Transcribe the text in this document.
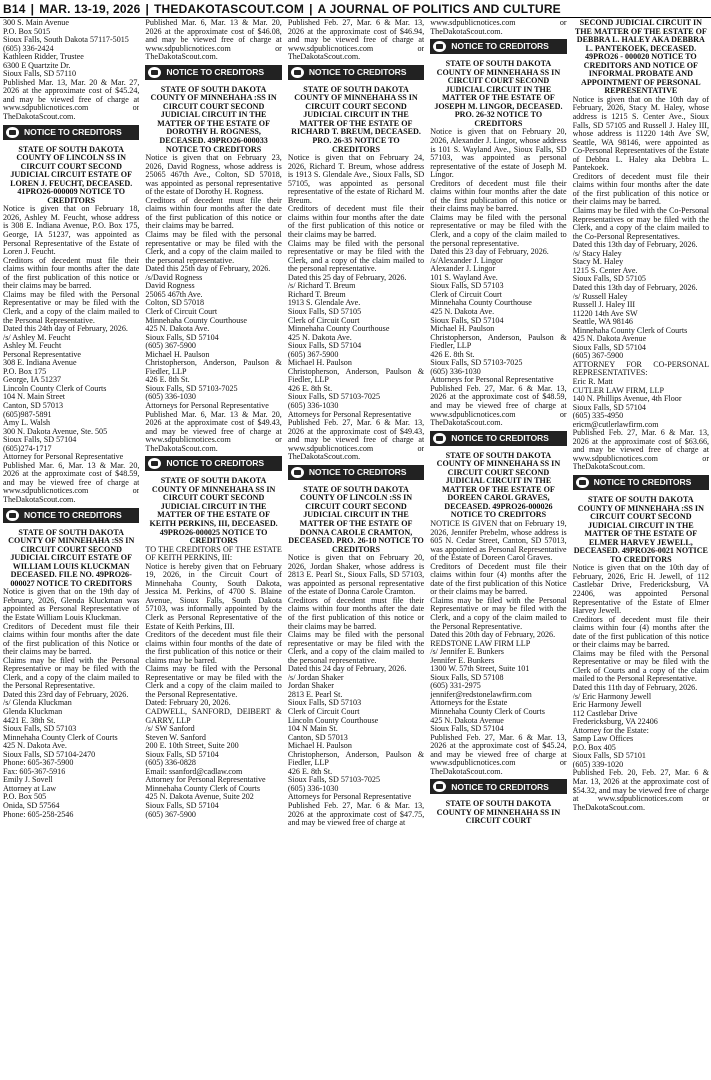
B14 | MAR. 13-19, 2026 | THEDAKOTASCOUT.COM | A JOURNAL OF POLITICS AND CULTURE

300 S. Main Avenue

P.O. Box 5015

Sioux Falls, South Dakota 57117-5015

(605) 336-2424

Kathleen Ridder, Trustee

6300 E Quartzite Dr.

Sioux Falls, SD 57110

Published Mar. 13, Mar. 20 & Mar. 27, 2026 at the approximate cost of $45.24, and may be viewed free of charge at www.sdpublicnotices.com or TheDakotaScout.com.

NOTICE TO CREDITORS

STATE OF SOUTH DAKOTA COUNTY OF LINCOLN SS IN CIRCUIT COURT SECOND JUDICIAL CIRCUIT ESTATE OF LOREN J. FEUCHT, DECEASED. 41PRO26-000009 NOTICE TO CREDITORS

Notice is given that on February 18, 2026, Ashley M. Feucht, whose address is 308 E. Indiana Avenue, P.O. Box 175, George, IA 51237, was appointed as Personal Representative of the Estate of Loren J. Feucht.

Creditors of decedent must file their claims within four months after the date of the first publication of this notice or their claims may be barred.

Claims may be filed with the Personal Representative or may be filed with the Clerk, and a copy of the claim mailed to the Personal Representative.

Dated this 24th day of February, 2026.

/s/ Ashley M. Feucht

Ashley M. Feucht

Personal Representative

308 E. Indiana Avenue

P.O. Box 175

George, IA 51237

Lincoln County Clerk of Courts

104 N. Main Street

Canton, SD 57013

(605)987-5891

Amy L. Walsh

300 N. Dakota Avenue, Ste. 505

Sioux Falls, SD 57104

(605)274-1717

Attorney for Personal Representative

Published Mar. 6, Mar. 13 & Mar. 20, 2026 at the approximate cost of $48.59, and may be viewed free of charge at www.sdpublicnotices.com or TheDakotaScout.com.

NOTICE TO CREDITORS

STATE OF SOUTH DAKOTA COUNTY OF MINNEHAHA :SS IN CIRCUIT COURT SECOND JUDICIAL CIRCUIT ESTATE OF WILLIAM LOUIS KLUCKMAN DECEASED. FILE NO. 49PRO26-000027 NOTICE TO CREDITORS

Notice is given that on the 19th day of February, 2026, Glenda Kluckman was appointed as Personal Representative of the Estate William Louis Kluckman.

Creditors of Decedent must file their claims within four months after the date of the first publication of this Notice or their claims may be barred.

Claims may be filed with the Personal Representative or may be filed with the Clerk, and a copy of the claim mailed to the Personal Representative.

Dated this 23rd day of February, 2026.

/s/ Glenda Kluckman

Glenda Kluckman

4421 E. 38th St.

Sioux Falls, SD 57103

Minnehaha County Clerk of Courts

425 N. Dakota Ave.

Sioux Falls, SD 57104-2470

Phone: 605-367-5900

Fax: 605-367-5916

Emily J. Sovell

Attorney at Law

P.O. Box 505

Onida, SD 57564

Phone: 605-258-2546

Published Mar. 6, Mar. 13 & Mar. 20, 2026 at the approximate cost of $46.08, and may be viewed free of charge at www.sdpublicnotices.com or TheDakotaScout.com.

NOTICE TO CREDITORS

STATE OF SOUTH DAKOTA COUNTY OF MINNEHAHA :SS IN CIRCUIT COURT SECOND JUDICIAL CIRCUIT IN THE MATTER OF THE ESTATE OF DOROTHY H. ROGNESS, DECEASED. 49PRO26-000033 NOTICE TO CREDITORS

Notice is given that on February 23, 2026, David Rogness, whose address is 25065 467th Ave., Colton, SD 57018, was appointed as personal representative of the estate of Dorothy H. Rogness.

Creditors of decedent must file their claims within four months after the date of the first publication of this notice or their claims may be barred.

Claims may be filed with the personal representative or may be filed with the Clerk, and a copy of the claim mailed to the personal representative.

Dated this 25th day of February, 2026.

/s/David Rogness

David Rogness

25065 467th Ave.

Colton, SD 57018

Clerk of Circuit Court

Minnehaha County Courthouse

425 N. Dakota Ave.

Sioux Falls, SD 57104

(605) 367-5900

Michael H. Paulson

Christopherson, Anderson, Paulson & Fiedler, LLP

426 E. 8th St.

Sioux Falls, SD 57103-7025

(605) 336-1030

Attorneys for Personal Representative

Published Mar. 6, Mar. 13 & Mar. 20, 2026 at the approximate cost of $49.43, and may be viewed free of charge at www.sdpublicnotices.com or TheDakotaScout.com.

NOTICE TO CREDITORS

STATE OF SOUTH DAKOTA COUNTY OF MINNEHAHA SS IN CIRCUIT COURT SECOND JUDICIAL CIRCUIT IN THE MATTER OF THE ESTATE OF KEITH PERKINS, III, DECEASED. 49PRO26-000025 NOTICE TO CREDITORS

TO THE CREDITORS OF THE ESTATE OF KEITH PERKINS, III:

Notice is hereby given that on February 19, 2026, in the Circuit Court of Minnehaha County, South Dakota, Jessica M. Perkins, of 4700 S. Blaine Avenue, Sioux Falls, South Dakota 57103, was informally appointed by the Clerk as Personal Representative of the Estate of Keith Perkins, III.

Creditors of the decedent must file their claims within four months of the date of the first publication of this notice or their claims may be barred.

Claims may be filed with the Personal Representative or may be filed with the Clerk and a copy of the claim mailed to the Personal Representative.

Dated: February 20, 2026.

CADWELL, SANFORD, DEIBERT & GARRY, LLP

/s/ SW Sanford

Steven W. Sanford

200 E. 10th Street, Suite 200

Sioux Falls, SD 57104

(605) 336-0828

Email: ssanford@cadlaw.com

Attorney for Personal Representative

Minnehaha County Clerk of Courts

425 N. Dakota Avenue, Suite 202

Sioux Falls, SD 57104

(605) 367-5900

Published Feb. 27, Mar. 6 & Mar. 13, 2026 at the approximate cost of $46.94, and may be viewed free of charge at www.sdpublicnotices.com or TheDakotaScout.com.

NOTICE TO CREDITORS

STATE OF SOUTH DAKOTA COUNTY OF MINNEHAHA SS IN CIRCUIT COURT SECOND JUDICIAL CIRCUIT IN THE MATTER OF THE ESTATE OF RICHARD T. BREUM, DECEASED. PRO. 26-35 NOTICE TO CREDITORS

Notice is given that on February 24, 2026, Richard T. Breum, whose address is 1913 S. Glendale Ave., Sioux Falls, SD 57105, was appointed as personal representative of the estate of Richard M. Breum.

Creditors of decedent must file their claims within four months after the date of the first publication of this notice or their claims may be barred.

Claims may be filed with the personal representative or may be filed with the Clerk, and a copy of the claim mailed to the personal representative.

Dated this 25 day of February, 2026.

/s/ Richard T. Breum

Richard T. Breum

1913 S. Glendale Ave.

Sioux Falls, SD 57105

Clerk of Circuit Court

Minnehaha County Courthouse

425 N. Dakota Ave.

Sioux Falls, SD 57104

(605) 367-5900

Michael H. Paulson

Christopherson, Anderson, Paulson & Fiedler, LLP

426 E. 8th St.

Sioux Falls, SD 57103-7025

(605) 336-1030

Attorneys for Personal Representative

Published Feb. 27, Mar. 6 & Mar. 13, 2026 at the approximate cost of $49.43, and may be viewed free of charge at www.sdpublicnotices.com or TheDakotaScout.com.

NOTICE TO CREDITORS

STATE OF SOUTH DAKOTA COUNTY OF LINCOLN :SS IN CIRCUIT COURT SECOND JUDICIAL CIRCUIT IN THE MATTER OF THE ESTATE OF DONNA CAROLE CRAMTON, DECEASED. PRO. 26-10 NOTICE TO CREDITORS

Notice is given that on February 20, 2026, Jordan Shaker, whose address is 2813 E. Pearl St., Sioux Falls, SD 57103, was appointed as personal representative of the estate of Donna Carole Cramton.

Creditors of decedent must file their claims within four months after the date of the first publication of this notice or their claims may be barred.

Claims may be filed with the personal representative or may be filed with the Clerk, and a copy of the claim mailed to the personal representative.

Dated this 24 day of February, 2026.

/s/ Jordan Shaker

Jordan Shaker

2813 E. Pearl St.

Sioux Falls, SD 57103

Clerk of Circuit Court

Lincoln County Courthouse

104 N Main St.

Canton, SD 57013

Michael H. Paulson

Christopherson, Anderson, Paulson & Fiedler, LLP

426 E. 8th St.

Sioux Falls, SD 57103-7025

(605) 336-1030

Attorneys for Personal Representative

Published Feb. 27, Mar. 6 & Mar. 13, 2026 at the approximate cost of $47.75, and may be viewed free of charge at

www.sdpublicnotices.com or TheDakotaScout.com.

NOTICE TO CREDITORS

STATE OF SOUTH DAKOTA COUNTY OF MINNEHAHA SS IN CIRCUIT COURT SECOND JUDICIAL CIRCUIT IN THE MATTER OF THE ESTATE OF JOSEPH M. LINGOR, DECEASED. PRO. 26-32 NOTICE TO CREDITORS

Notice is given that on February 20, 2026, Alexander J. Lingor, whose address is 101 S. Wayland Ave., Sioux Falls, SD 57103, was appointed as personal representative of the estate of Joseph M. Lingor.

Creditors of decedent must file their claims within four months after the date of the first publication of this notice or their claims may be barred.

Claims may be filed with the personal representative or may be filed with the Clerk, and a copy of the claim mailed to the personal representative.

Dated this 23 day of February, 2026.

/s/Alexander J. Lingor

Alexander J. Lingor

101 S. Wayland Ave.

Sioux Falls, SD 57103

Clerk of Circuit Court

Minnehaha County Courthouse

425 N. Dakota Ave.

Sioux Falls, SD 57104

Michael H. Paulson

Christopherson, Anderson, Paulson & Fiedler, LLP

426 E. 8th St.

Sioux Falls, SD 57103-7025

(605) 336-1030

Attorneys for Personal Representative

Published Feb. 27, Mar. 6 & Mar. 13, 2026 at the approximate cost of $48.59, and may be viewed free of charge at www.sdpublicnotices.com or TheDakotaScout.com.

NOTICE TO CREDITORS

STATE OF SOUTH DAKOTA COUNTY OF MINNEHAHA SS IN CIRCUIT COURT SECOND JUDICIAL CIRCUIT IN THE MATTER OF THE ESTATE OF DOREEN CAROL GRAVES, DECEASED. 49PRO26-000026 NOTICE TO CREDITORS

NOTICE IS GIVEN that on February 19, 2026, Jennifer Prebelm, whose address is 605 N. Cedar Street, Canton, SD 57013, was appointed as Personal Representative of the Estate of Doreen Carol Graves.

Creditors of Decedent must file their claims within four (4) months after the date of the first publication of this Notice or their claims may be barred.

Claims may be filed with the Personal Representative or may be filed with the Clerk, and a copy of the claim mailed to the Personal Representative.

Dated this 20th day of February, 2026.

REDSTONE LAW FIRM LLP

/s/ Jennifer E. Bunkers

Jennifer E. Bunkers

1300 W. 57th Street, Suite 101

Sioux Falls, SD 57108

(605) 331-2975

jennifer@redstonelawfirm.com

Attorneys for the Estate

Minnehaha County Clerk of Courts

425 N. Dakota Avenue

Sioux Falls, SD 57104

Published Feb. 27, Mar. 6 & Mar. 13, 2026 at the approximate cost of $45.24, and may be viewed free of charge at www.sdpublicnotices.com or TheDakotaScout.com.

NOTICE TO CREDITORS

STATE OF SOUTH DAKOTA COUNTY OF MINNEHAHA SS IN CIRCUIT COURT

SECOND JUDICIAL CIRCUIT IN THE MATTER OF THE ESTATE OF DEBBRA L. HALEY AKA DEBBRA L. PANTEKOEK, DECEASED. 49PRO26 - 000020 NOTICE TO CREDITORS AND NOTICE OF INFORMAL PROBATE AND APPOINTMENT OF PERSONAL REPRESENTATIVE

Notice is given that on the 10th day of February, 2026, Stacy M. Haley, whose address is 1215 S. Center Ave., Sioux Falls, SD 57105 and Russell J. Haley III, whose address is 11220 14th Ave SW, Seattle, WA 98146, were appointed as Co-Personal Representatives of the Estate of Debbra L. Haley aka Debbra L. Pantekoek.

Creditors of decedent must file their claims within four months after the date of the first publication of this notice or their claims may be barred.

Claims may be filed with the Co-Personal Representatives or may be filed with the Clerk, and a copy of the claim mailed to the Co-Personal Representatives.

Dated this 13th day of February, 2026.

/s/ Stacy Haley

Stacy M. Haley

1215 S. Center Ave.

Sioux Falls, SD 57105

Dated this 13th day of February, 2026.

/s/ Russell Haley

Russell J. Haley III

11220 14th Ave SW

Seattle, WA 98146

Minnehaha County Clerk of Courts

425 N. Dakota Avenue

Sioux Falls, SD 57104

(605) 367-5900

ATTORNEY FOR CO-PERSONAL REPRESENTATIVES:

Eric R. Matt

CUTLER LAW FIRM, LLP

140 N. Phillips Avenue, 4th Floor

Sioux Falls, SD 57104

(605) 335-4950

ericm@cutlerlawfirm.com

Published Feb. 27, Mar. 6 & Mar. 13, 2026 at the approximate cost of $63.66, and may be viewed free of charge at www.sdpublicnotices.com or TheDakotaScout.com.

NOTICE TO CREDITORS

STATE OF SOUTH DAKOTA COUNTY OF MINNEHAHA :SS IN CIRCUIT COURT SECOND JUDICIAL CIRCUIT IN THE MATTER OF THE ESTATE OF ELMER HARVEY JEWELL, DECEASED. 49PRO26-0021 NOTICE TO CREDITORS

Notice is given that on the 10th day of February, 2026, Eric H. Jewell, of 112 Castlebar Drive, Fredericksburg, VA 22406, was appointed Personal Representative of the Estate of Elmer Harvey Jewell.

Creditors of decedent must file their claims within four (4) months after the date of the first publication of this notice or their claims may be barred.

Claims may be filed with the Personal Representative or may be filed with the Clerk of Courts and a copy of the claim mailed to the Personal Representative.

Dated this 11th day of February, 2026.

/s/ Eric Harmony Jewell

Eric Harmony Jewell

112 Castlebar Drive

Fredericksburg, VA 22406

Attorney for the Estate:

Samp Law Offices

P.O. Box 405

Sioux Falls, SD 57101

(605) 339-1020

Published Feb. 20, Feb. 27, Mar. 6 & Mar. 13, 2026 at the approximate cost of $54.32, and may be viewed free of charge at www.sdpublicnotices.com or TheDakotaScout.com.
